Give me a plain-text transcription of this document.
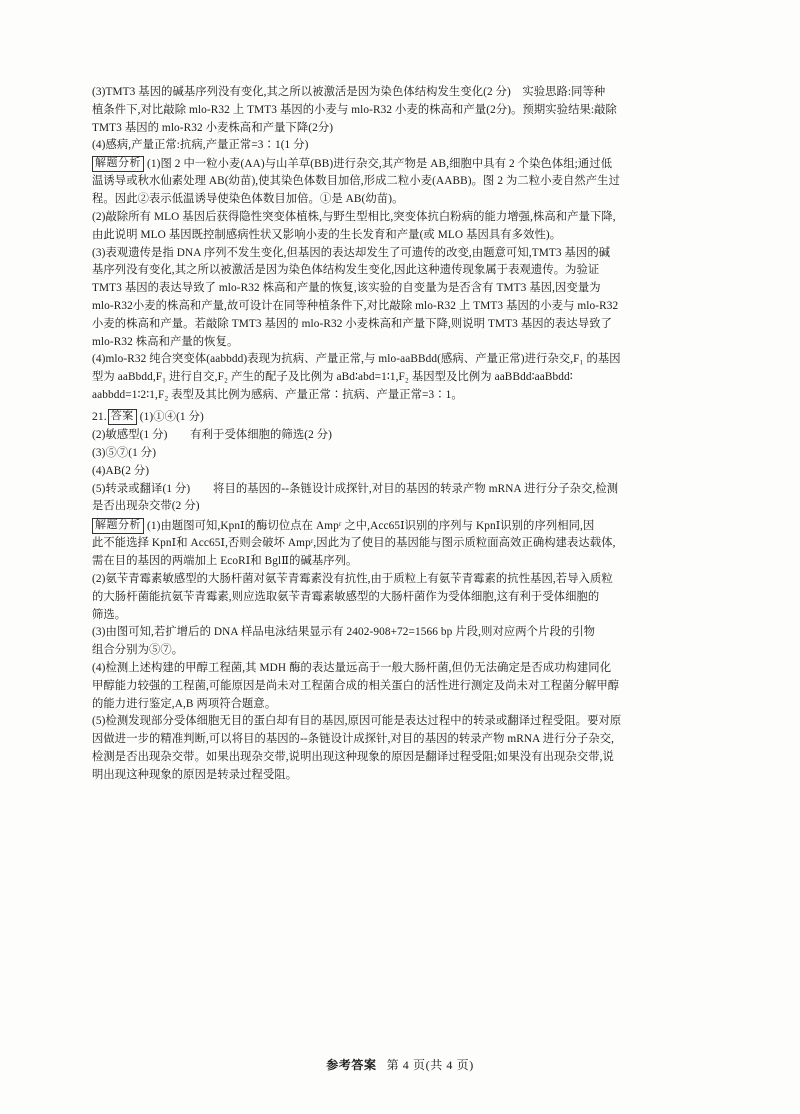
(3)TMT3 基因的碱基序列没有变化,其之所以被激活是因为染色体结构发生变化(2 分)　实验思路:同等种

植条件下,对比敲除 mlo-R32 上 TMT3 基因的小麦与 mlo-R32 小麦的株高和产量(2分)。预期实验结果:敲除

TMT3 基因的 mlo-R32 小麦株高和产量下降(2分)

(4)感病,产量正常:抗病,产量正常=3∶1(1 分)

解题分析 (1)图 2 中一粒小麦(AA)与山羊草(BB)进行杂交,其产物是 AB,细胞中具有 2 个染色体组;通过低

温诱导或秋水仙素处理 AB(幼苗),使其染色体数目加倍,形成二粒小麦(AABB)。图 2 为二粒小麦自然产生过

程。因此②表示低温诱导使染色体数目加倍。①是 AB(幼苗)。

(2)敲除所有 MLO 基因后获得隐性突变体植株,与野生型相比,突变体抗白粉病的能力增强,株高和产量下降,

由此说明 MLO 基因既控制感病性状又影响小麦的生长发育和产量(或 MLO 基因具有多效性)。

(3)表观遗传是指 DNA 序列不发生变化,但基因的表达却发生了可遗传的改变,由题意可知,TMT3 基因的碱

基序列没有变化,其之所以被激活是因为染色体结构发生变化,因此这种遗传现象属于表观遗传。为验证

TMT3 基因的表达导致了 mlo-R32 株高和产量的恢复,该实验的自变量为是否含有 TMT3 基因,因变量为

mlo-R32小麦的株高和产量,故可设计在同等种植条件下,对比敲除 mlo-R32 上 TMT3 基因的小麦与 mlo-R32

小麦的株高和产量。若敲除 TMT3 基因的 mlo-R32 小麦株高和产量下降,则说明 TMT3 基因的表达导致了

mlo-R32 株高和产量的恢复。

(4)mlo-R32 纯合突变体(aabbdd)表现为抗病、产量正常,与 mlo-aaBBdd(感病、产量正常)进行杂交,F₁ 的基因

型为 aaBbdd,F₁ 进行自交,F₂ 产生的配子及比例为 aBd∶abd=1∶1,F₂ 基因型及比例为 aaBBdd∶aaBbdd∶

aabbdd=1∶2∶1,F₂ 表型及其比例为感病、产量正常∶抗病、产量正常=3∶1。

21. 答案 (1)①④(1 分)

(2)敏感型(1 分)　　有利于受体细胞的筛选(2 分)

(3)⑤⑦(1 分)

(4)AB(2 分)

(5)转录或翻译(1 分)　　将目的基因的--条链设计成探针,对目的基因的转录产物 mRNA 进行分子杂交,检测

是否出现杂交带(2 分)

解题分析 (1)由题图可知,KpnⅠ的酶切位点在 Ampʳ 之中,Acc65Ⅰ识别的序列与 KpnⅠ识别的序列相同,因

此不能选择 KpnⅠ和 Acc65Ⅰ,否则会破坏 Ampʳ,因此为了使目的基因能与图示质粒面高效正确构建表达载体,

需在目的基因的两端加上 EcoRⅠ和 BglⅡ的碱基序列。

(2)氨苄青霉素敏感型的大肠杆菌对氨苄青霉素没有抗性,由于质粒上有氨苄青霉素的抗性基因,若导入质粒

的大肠杆菌能抗氨苄青霉素,则应选取氨苄青霉素敏感型的大肠杆菌作为受体细胞,这有利于受体细胞的

筛选。

(3)由图可知,若扩增后的 DNA 样品电泳结果显示有 2402-908+72=1566 bp 片段,则对应两个片段的引物

组合分别为⑤⑦。

(4)检测上述构建的甲醇工程菌,其 MDH 酶的表达量远高于一般大肠杆菌,但仍无法确定是否成功构建同化

甲醇能力较强的工程菌,可能原因是尚未对工程菌合成的相关蛋白的活性进行测定及尚未对工程菌分解甲醇

的能力进行鉴定,A,B 两项符合题意。

(5)检测发现部分受体细胞无目的蛋白却有目的基因,原因可能是表达过程中的转录或翻译过程受阻。要对原

因做进一步的精准判断,可以将目的基因的--条链设计成探针,对目的基因的转录产物 mRNA 进行分子杂交,

检测是否出现杂交带。如果出现杂交带,说明出现这种现象的原因是翻译过程受阻;如果没有出现杂交带,说

明出现这种现象的原因是转录过程受阻。

参考答案 第 4 页(共 4 页)
